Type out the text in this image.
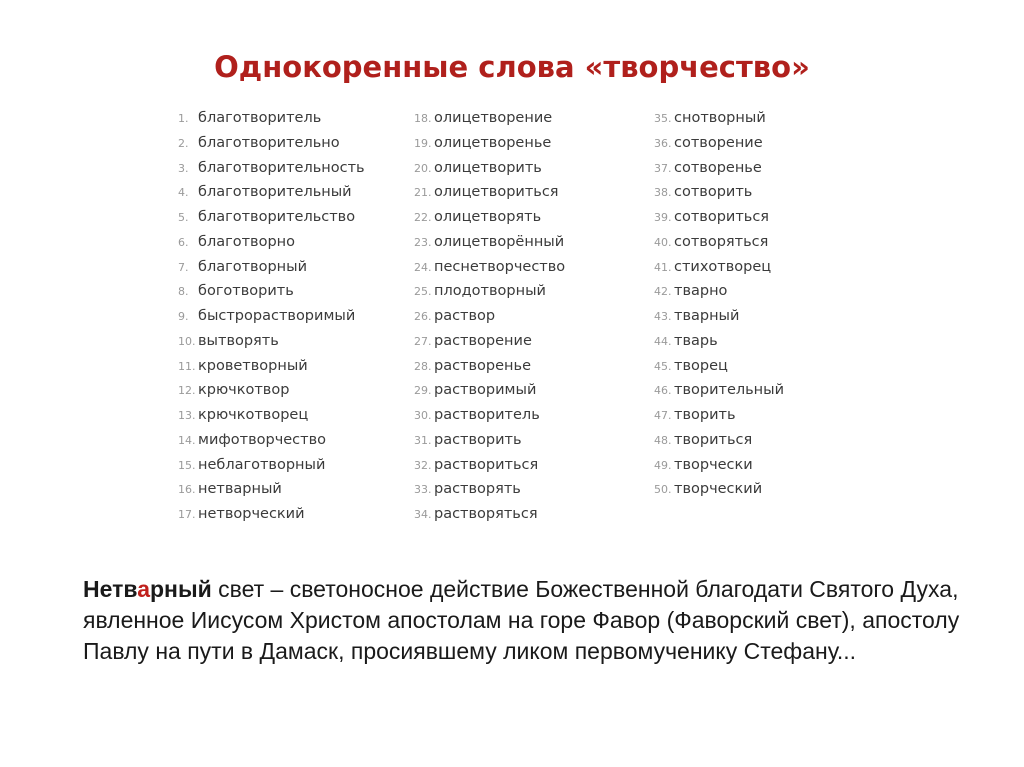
Однокоренные слова «творчество»
1. благотворитель
2. благотворительно
3. благотворительность
4. благотворительный
5. благотворительство
6. благотворно
7. благотворный
8. боготворить
9. быстрорастворимый
10. вытворять
11. кроветворный
12. крючкотвор
13. крючкотворец
14. мифотворчество
15. неблаготворный
16. нетварный
17. нетворческий
18. олицетворение
19. олицетворенье
20. олицетворить
21. олицетвориться
22. олицетворять
23. олицетворённый
24. песнетворчество
25. плодотворный
26. раствор
27. растворение
28. растворенье
29. растворимый
30. растворитель
31. растворить
32. раствориться
33. растворять
34. растворяться
35. снотворный
36. сотворение
37. сотворенье
38. сотворить
39. сотвориться
40. сотворяться
41. стихотворец
42. тварно
43. тварный
44. тварь
45. творец
46. творительный
47. творить
48. твориться
49. творчески
50. творческий
Нетварный свет – светоносное действие Божественной благодати Святого Духа, явленное Иисусом Христом апостолам на горе Фавор (Фаворский свет), апостолу Павлу на пути в Дамаск, просиявшему ликом первомученику Стефану...
